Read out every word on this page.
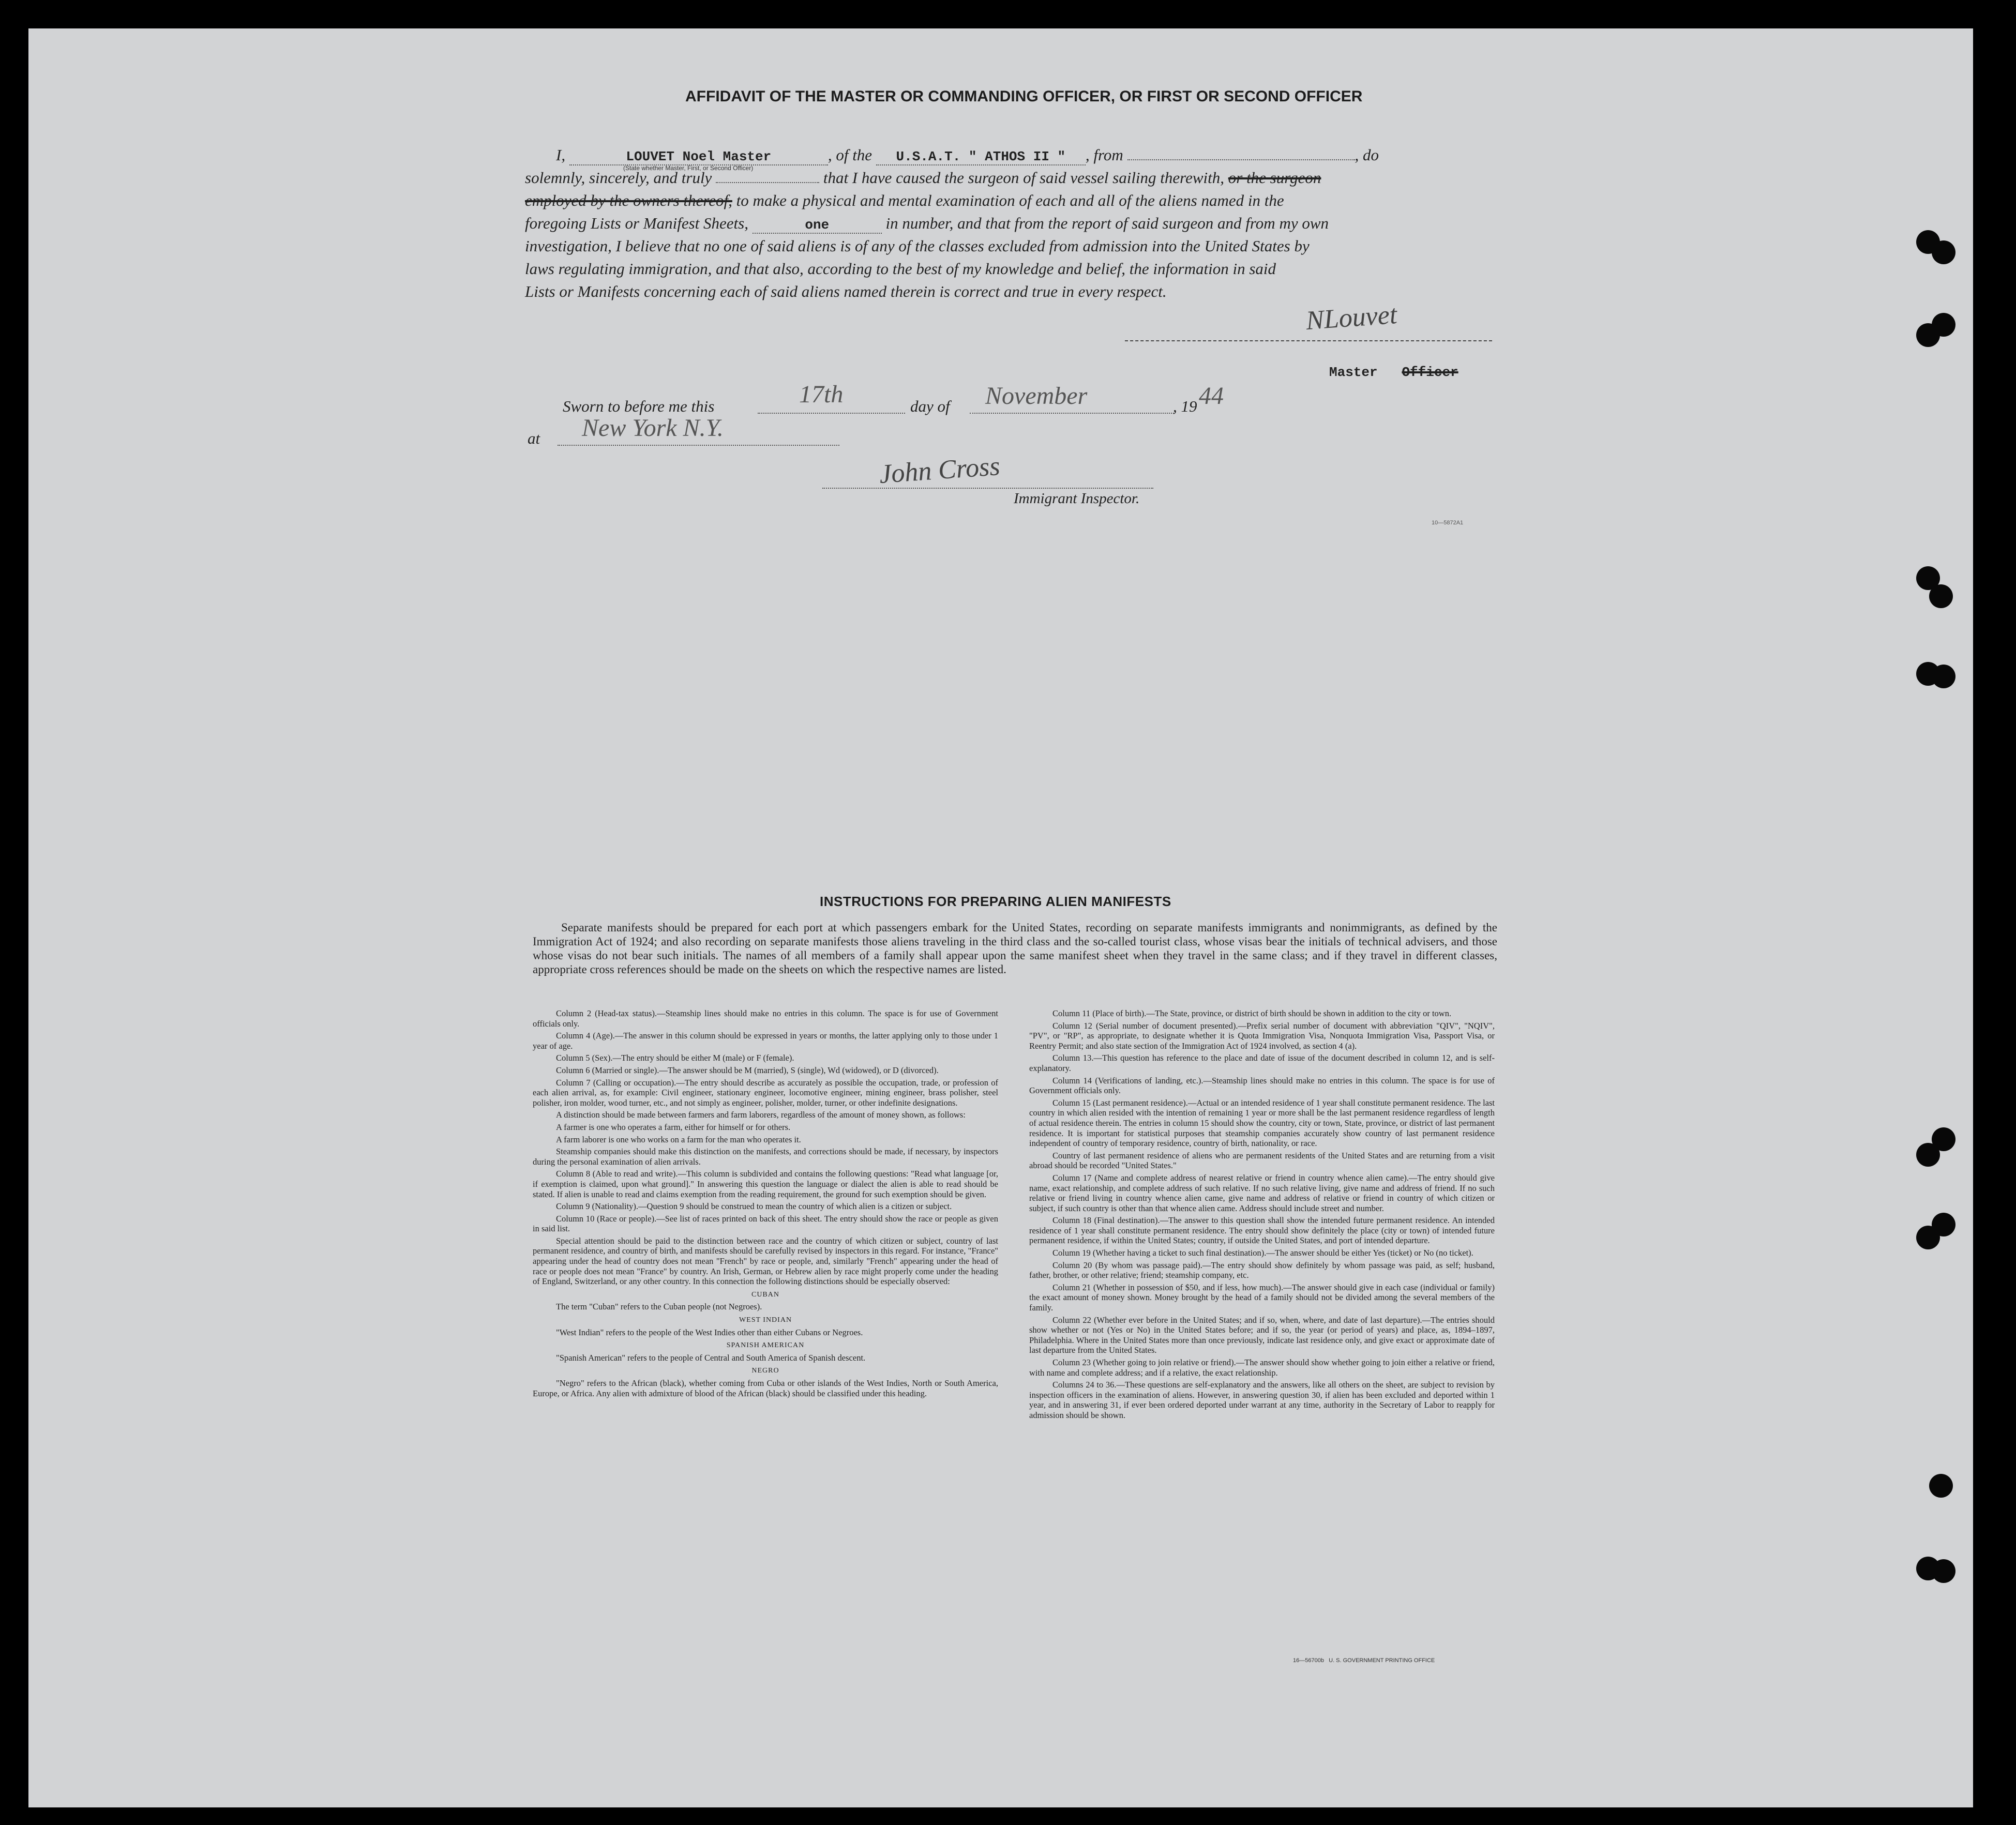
AFFIDAVIT OF THE MASTER OR COMMANDING OFFICER, OR FIRST OR SECOND OFFICER

I,	LOUVET Noel Master	, of the U.S.A.T. " ATHOS II " , from	, do

solemnly, sincerely, and truly	that I have caused the surgeon of said vessel sailing therewith, or the surgeon

employed by the owners thereof, to make a physical and mental examination of each and all of the aliens named in the

foregoing Lists or Manifest Sheets,	one	in number, and that from the report of said surgeon and from my own

investigation, I believe that no one of said aliens is of any of the classes excluded from admission into the United States by

laws regulating immigration, and that also, according to the best of my knowledge and belief, the information in said

Lists or Manifests concerning each of said aliens named therein is correct and true in every respect.

(State whether Master, First, or Second Officer)
NLouvet
Master Officer
Sworn to before me this	17th	day of November	, 19 44
at New York N.Y.
John Cross
Immigrant Inspector.
10—5872A1
INSTRUCTIONS FOR PREPARING ALIEN MANIFESTS

Separate manifests should be prepared for each port at which passengers embark for the United States, recording on separate manifests immigrants and nonimmigrants, as defined by the Immigration Act of 1924; and also recording on separate manifests those aliens traveling in the third class and the so-called tourist class, whose visas bear the initials of technical advisers, and those whose visas do not bear such initials. The names of all members of a family shall appear upon the same manifest sheet when they travel in the same class; and if they travel in different classes, appropriate cross references should be made on the sheets on which the respective names are listed.

Column 2 (Head-tax status).—Steamship lines should make no entries in this column. The space is for use of Government officials only.

Column 4 (Age).—The answer in this column should be expressed in years or months, the latter applying only to those under 1 year of age.

Column 5 (Sex).—The entry should be either M (male) or F (female).

Column 6 (Married or single).—The answer should be M (married), S (single), Wd (widowed), or D (divorced).

Column 7 (Calling or occupation).—The entry should describe as accurately as possible the occupation, trade, or profession of each alien arrival, as, for example: Civil engineer, stationary engineer, locomotive engineer, mining engineer, brass polisher, steel polisher, iron molder, wood turner, etc., and not simply as engineer, polisher, molder, turner, or other indefinite designations.

A distinction should be made between farmers and farm laborers, regardless of the amount of money shown, as follows:

A farmer is one who operates a farm, either for himself or for others.

A farm laborer is one who works on a farm for the man who operates it.

Steamship companies should make this distinction on the manifests, and corrections should be made, if necessary, by inspectors during the personal examination of alien arrivals.

Column 8 (Able to read and write).—This column is subdivided and contains the following questions: "Read what language [or, if exemption is claimed, upon what ground]." In answering this question the language or dialect the alien is able to read should be stated. If alien is unable to read and claims exemption from the reading requirement, the ground for such exemption should be given.

Column 9 (Nationality).—Question 9 should be construed to mean the country of which alien is a citizen or subject.

Column 10 (Race or people).—See list of races printed on back of this sheet. The entry should show the race or people as given in said list.

Special attention should be paid to the distinction between race and the country of which citizen or subject, country of last permanent residence, and country of birth, and manifests should be carefully revised by inspectors in this regard. For instance, "France" appearing under the head of country does not mean "French" by race or people, and, similarly "French" appearing under the head of race or people does not mean "France" by country. An Irish, German, or Hebrew alien by race might properly come under the heading of England, Switzerland, or any other country. In this connection the following distinctions should be especially observed:

CUBAN

The term "Cuban" refers to the Cuban people (not Negroes).

WEST INDIAN

"West Indian" refers to the people of the West Indies other than either Cubans or Negroes.

SPANISH AMERICAN

"Spanish American" refers to the people of Central and South America of Spanish descent.

NEGRO

"Negro" refers to the African (black), whether coming from Cuba or other islands of the West Indies, North or South America, Europe, or Africa. Any alien with admixture of blood of the African (black) should be classified under this heading.

Column 11 (Place of birth).—The State, province, or district of birth should be shown in addition to the city or town.

Column 12 (Serial number of document presented).—Prefix serial number of document with abbreviation "QIV", "NQIV", "PV", or "RP", as appropriate, to designate whether it is Quota Immigration Visa, Nonquota Immigration Visa, Passport Visa, or Reentry Permit; and also state section of the Immigration Act of 1924 involved, as section 4 (a).

Column 13.—This question has reference to the place and date of issue of the document described in column 12, and is self-explanatory.

Column 14 (Verifications of landing, etc.).—Steamship lines should make no entries in this column. The space is for use of Government officials only.

Column 15 (Last permanent residence).—Actual or an intended residence of 1 year shall constitute permanent residence. The last country in which alien resided with the intention of remaining 1 year or more shall be the last permanent residence regardless of length of actual residence therein. The entries in column 15 should show the country, city or town, State, province, or district of last permanent residence. It is important for statistical purposes that steamship companies accurately show country of last permanent residence independent of country of temporary residence, country of birth, nationality, or race.

Country of last permanent residence of aliens who are permanent residents of the United States and are returning from a visit abroad should be recorded "United States."

Column 17 (Name and complete address of nearest relative or friend in country whence alien came).—The entry should give name, exact relationship, and complete address of such relative. If no such relative living, give name and address of friend. If no such relative or friend living in country whence alien came, give name and address of relative or friend in country of which citizen or subject, if such country is other than that whence alien came. Address should include street and number.

Column 18 (Final destination).—The answer to this question shall show the intended future permanent residence. An intended residence of 1 year shall constitute permanent residence. The entry should show definitely the place (city or town) of intended future permanent residence, if within the United States; country, if outside the United States, and port of intended departure.

Column 19 (Whether having a ticket to such final destination).—The answer should be either Yes (ticket) or No (no ticket).

Column 20 (By whom was passage paid).—The entry should show definitely by whom passage was paid, as self; husband, father, brother, or other relative; friend; steamship company, etc.

Column 21 (Whether in possession of $50, and if less, how much).—The answer should give in each case (individual or family) the exact amount of money shown. Money brought by the head of a family should not be divided among the several members of the family.

Column 22 (Whether ever before in the United States; and if so, when, where, and date of last departure).—The entries should show whether or not (Yes or No) in the United States before; and if so, the year (or period of years) and place, as, 1894–1897, Philadelphia. Where in the United States more than once previously, indicate last residence only, and give exact or approximate date of last departure from the United States.

Column 23 (Whether going to join relative or friend).—The answer should show whether going to join either a relative or friend, with name and complete address; and if a relative, the exact relationship.

Columns 24 to 36.—These questions are self-explanatory and the answers, like all others on the sheet, are subject to revision by inspection officers in the examination of aliens. However, in answering question 30, if alien has been excluded and deported within 1 year, and in answering 31, if ever been ordered deported under warrant at any time, authority in the Secretary of Labor to reapply for admission should be shown.

16—56700b U. S. GOVERNMENT PRINTING OFFICE
